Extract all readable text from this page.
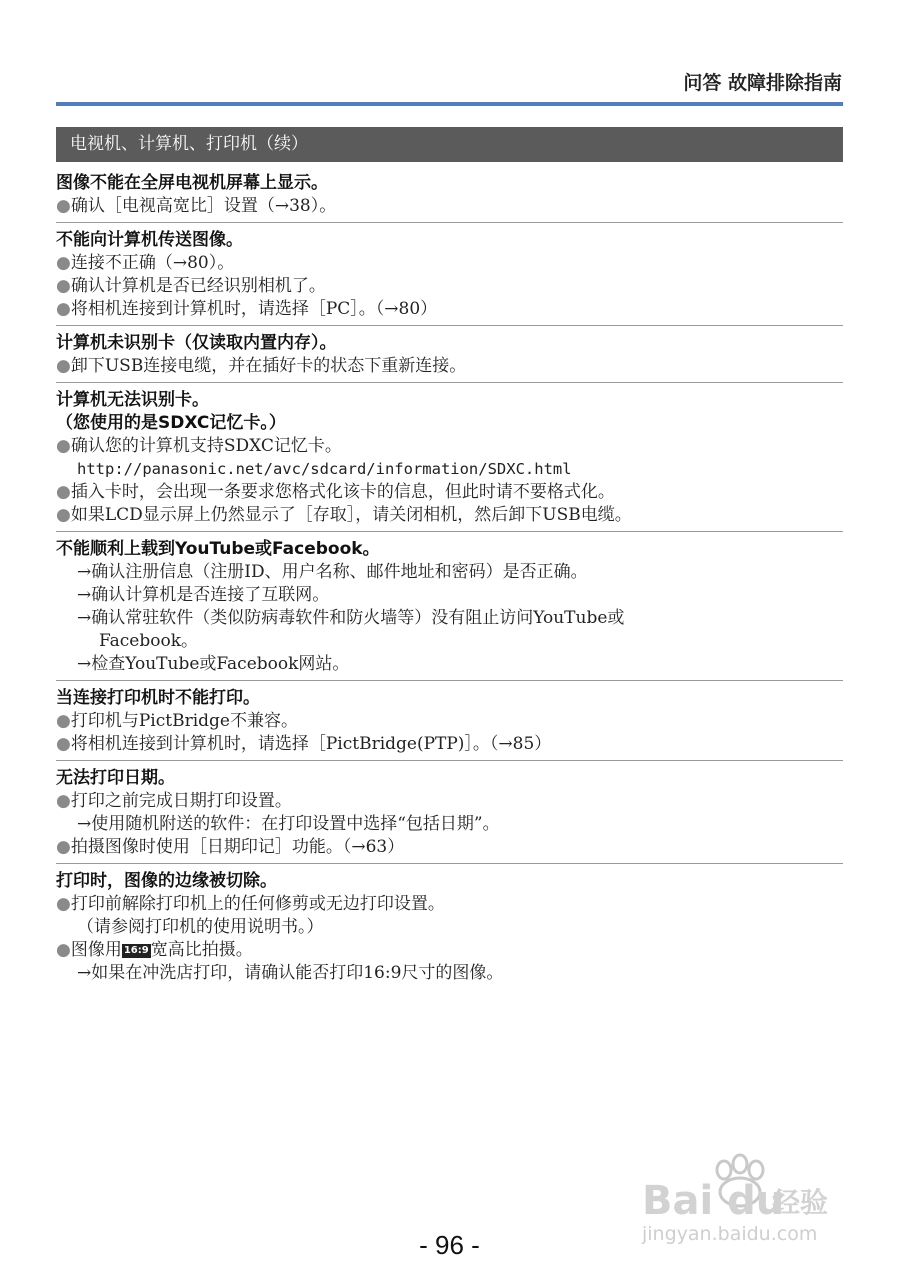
问答 故障排除指南
电视机、计算机、打印机（续）
图像不能在全屏电视机屏幕上显示。
● 确认［电视高宽比］设置（→38）。
不能向计算机传送图像。
● 连接不正确（→80）。
● 确认计算机是否已经识别相机了。
● 将相机连接到计算机时，请选择［PC］。（→80）
计算机未识别卡（仅读取内置内存）。
● 卸下USB连接电缆，并在插好卡的状态下重新连接。
计算机无法识别卡。
（您使用的是SDXC记忆卡。）
● 确认您的计算机支持SDXC记忆卡。
http://panasonic.net/avc/sdcard/information/SDXC.html
● 插入卡时，会出现一条要求您格式化该卡的信息，但此时请不要格式化。
● 如果LCD显示屏上仍然显示了［存取］，请关闭相机，然后卸下USB电缆。
不能顺利上载到YouTube或Facebook。
→确认注册信息（注册ID、用户名称、邮件地址和密码）是否正确。
→确认计算机是否连接了互联网。
→确认常驻软件（类似防病毒软件和防火墙等）没有阻止访问YouTube或
Facebook。
→检查YouTube或Facebook网站。
当连接打印机时不能打印。
● 打印机与PictBridge不兼容。
● 将相机连接到计算机时，请选择［PictBridge(PTP)］。（→85）
无法打印日期。
● 打印之前完成日期打印设置。
→使用随机附送的软件：在打印设置中选择“包括日期”。
● 拍摄图像时使用［日期印记］功能。（→63）
打印时，图像的边缘被切除。
● 打印前解除打印机上的任何修剪或无边打印设置。
（请参阅打印机的使用说明书。）
● 图像用 16:9 宽高比拍摄。
→如果在冲洗店打印，请确认能否打印16:9尺寸的图像。
- 96 -
Bai du
经验
jingyan.baidu.com
